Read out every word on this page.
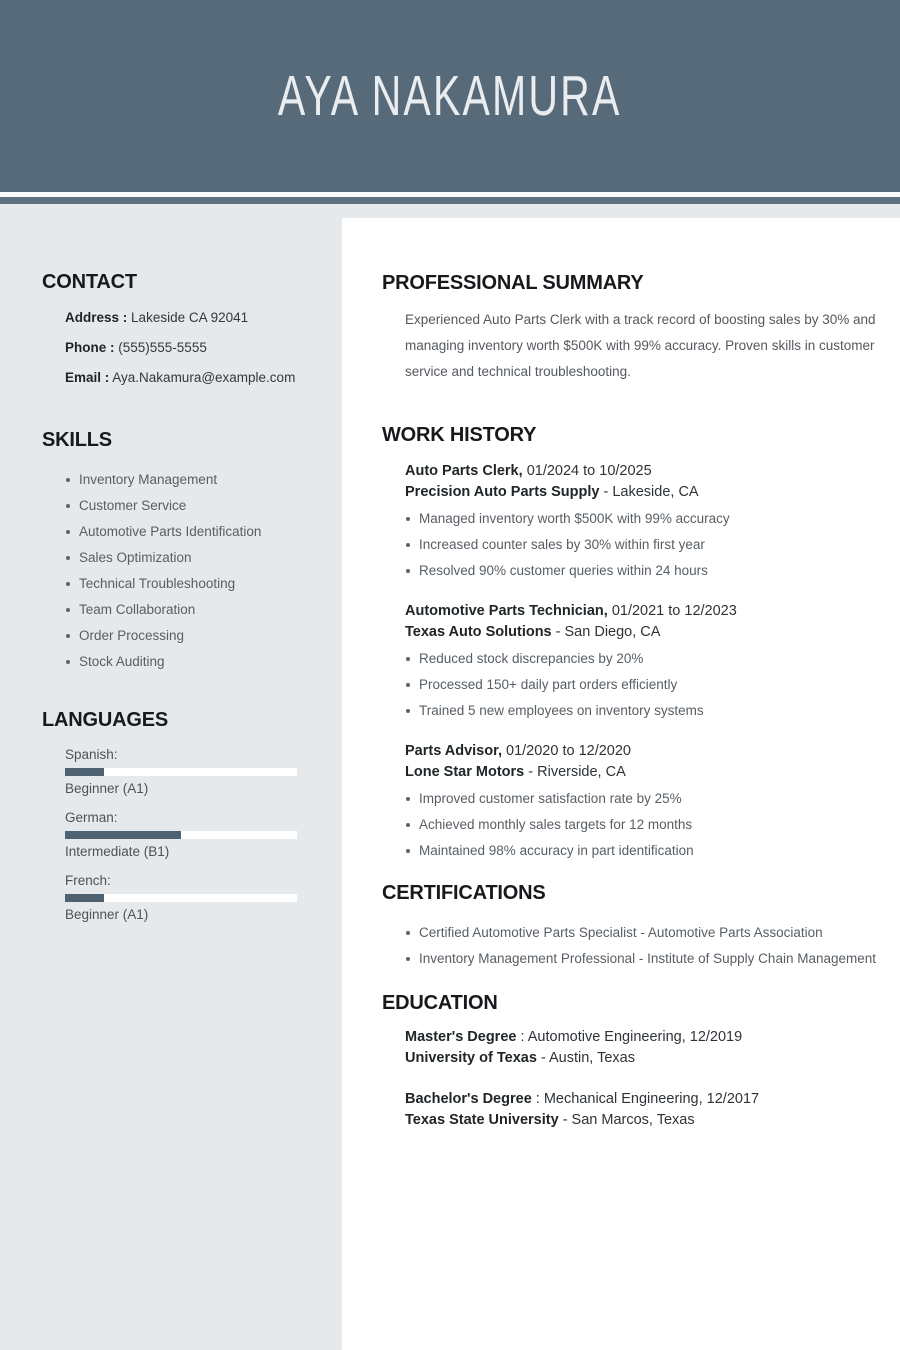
AYA NAKAMURA
CONTACT
Address : Lakeside CA 92041
Phone : (555)555-5555
Email : Aya.Nakamura@example.com
SKILLS
Inventory Management
Customer Service
Automotive Parts Identification
Sales Optimization
Technical Troubleshooting
Team Collaboration
Order Processing
Stock Auditing
LANGUAGES
Spanish:
Beginner (A1)
German:
Intermediate (B1)
French:
Beginner (A1)
PROFESSIONAL SUMMARY

Experienced Auto Parts Clerk with a track record of boosting sales by 30% and managing inventory worth $500K with 99% accuracy. Proven skills in customer service and technical troubleshooting.

WORK HISTORY
Auto Parts Clerk, 01/2024 to 10/2025
Precision Auto Parts Supply - Lakeside, CA
Managed inventory worth $500K with 99% accuracy
Increased counter sales by 30% within first year
Resolved 90% customer queries within 24 hours
Automotive Parts Technician, 01/2021 to 12/2023
Texas Auto Solutions - San Diego, CA
Reduced stock discrepancies by 20%
Processed 150+ daily part orders efficiently
Trained 5 new employees on inventory systems
Parts Advisor, 01/2020 to 12/2020
Lone Star Motors - Riverside, CA
Improved customer satisfaction rate by 25%
Achieved monthly sales targets for 12 months
Maintained 98% accuracy in part identification
CERTIFICATIONS
Certified Automotive Parts Specialist - Automotive Parts Association
Inventory Management Professional - Institute of Supply Chain Management
EDUCATION
Master's Degree : Automotive Engineering, 12/2019
University of Texas - Austin, Texas
Bachelor's Degree : Mechanical Engineering, 12/2017
Texas State University - San Marcos, Texas
